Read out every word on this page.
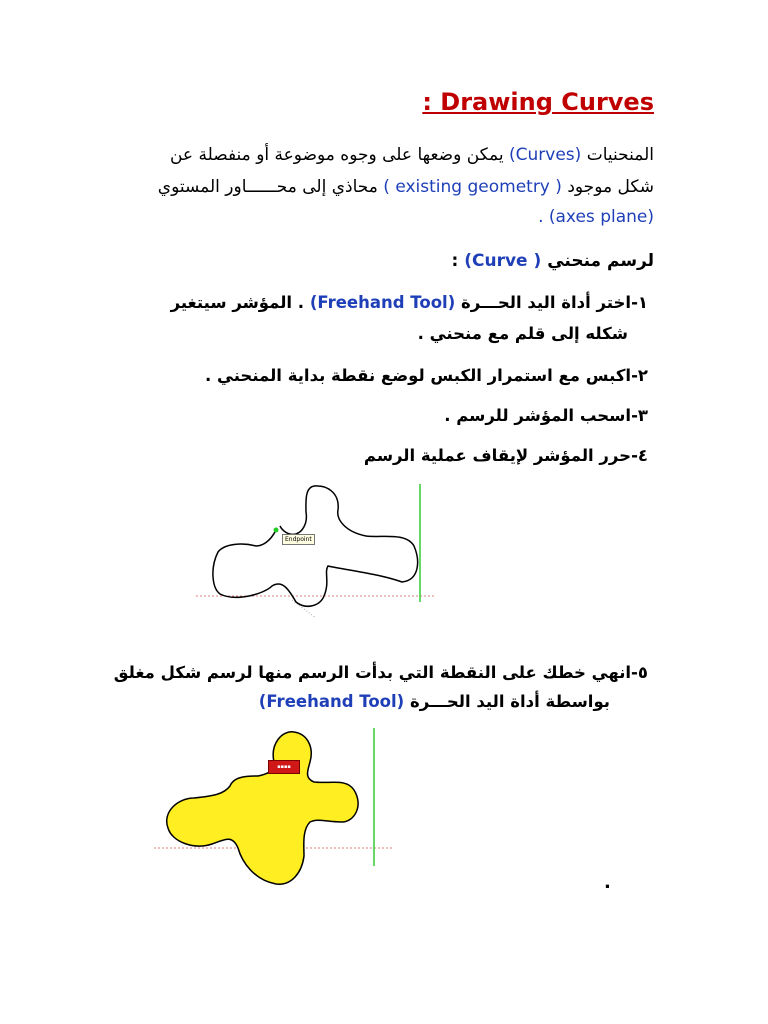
: Drawing Curves
المنحنيات (Curves) يمكن وضعها على وجوه موضوعة أو منفصلة عن
شكل موجود ( existing geometry ) محاذي إلى محــــــاور المستوي
. (axes plane)
لرسم منحني ( Curve) :
١-اختر أداة اليد الحـــرة (Freehand Tool) . المؤشر سيتغير
شكله إلى قلم مع منحني .
٢-اكبس مع استمرار الكبس لوضع نقطة بداية المنحني .
٣-اسحب المؤشر للرسم .
٤-حرر المؤشر لإيقاف عملية الرسم
Endpoint
٥-انهي خطك على النقطة التي بدأت الرسم منها لرسم شكل مغلق
بواسطة أداة اليد الحـــرة (Freehand Tool)
▪▪▪▪
.
